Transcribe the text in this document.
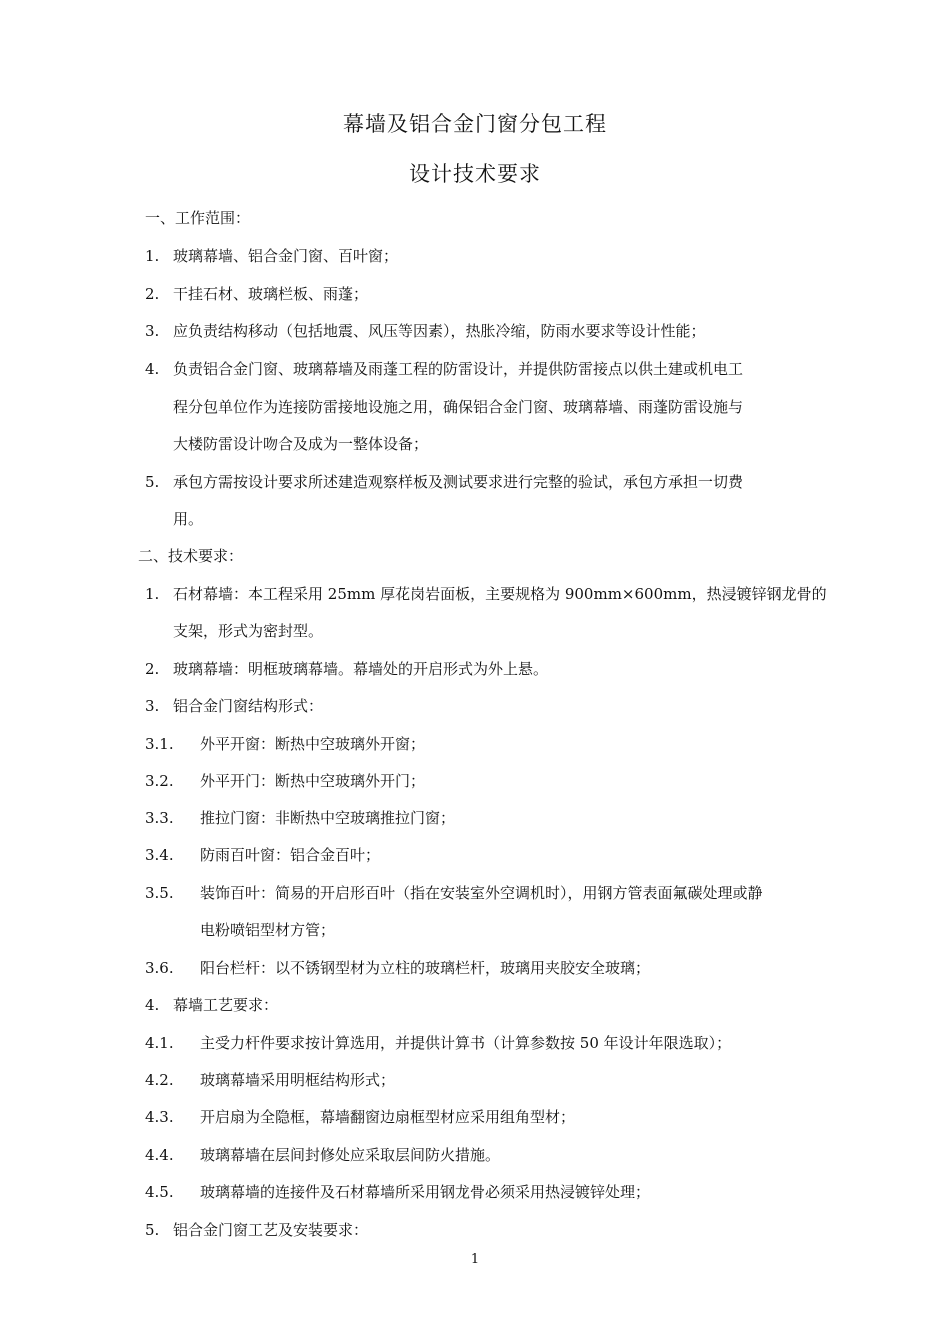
幕墙及铝合金门窗分包工程
设计技术要求
一、工作范围：
1. 玻璃幕墙、铝合金门窗、百叶窗；
2. 干挂石材、玻璃栏板、雨蓬；
3. 应负责结构移动（包括地震、风压等因素），热胀冷缩，防雨水要求等设计性能；
4. 负责铝合金门窗、玻璃幕墙及雨蓬工程的防雷设计，并提供防雷接点以供土建或机电工
程分包单位作为连接防雷接地设施之用，确保铝合金门窗、玻璃幕墙、雨蓬防雷设施与
大楼防雷设计吻合及成为一整体设备；
5. 承包方需按设计要求所述建造观察样板及测试要求进行完整的验试，承包方承担一切费
用。
二、技术要求：
1. 石材幕墙：本工程采用 25mm 厚花岗岩面板，主要规格为 900mm×600mm，热浸镀锌钢龙骨的
支架，形式为密封型。
2. 玻璃幕墙：明框玻璃幕墙。幕墙处的开启形式为外上悬。
3. 铝合金门窗结构形式：
3.1. 外平开窗：断热中空玻璃外开窗；
3.2. 外平开门：断热中空玻璃外开门；
3.3. 推拉门窗：非断热中空玻璃推拉门窗；
3.4. 防雨百叶窗：铝合金百叶；
3.5. 装饰百叶：简易的开启形百叶（指在安装室外空调机时），用钢方管表面氟碳处理或静
电粉喷铝型材方管；
3.6. 阳台栏杆：以不锈钢型材为立柱的玻璃栏杆，玻璃用夹胶安全玻璃；
4. 幕墙工艺要求：
4.1. 主受力杆件要求按计算选用，并提供计算书（计算参数按 50 年设计年限选取）；
4.2. 玻璃幕墙采用明框结构形式；
4.3. 开启扇为全隐框，幕墙翻窗边扇框型材应采用组角型材；
4.4. 玻璃幕墙在层间封修处应采取层间防火措施。
4.5. 玻璃幕墙的连接件及石材幕墙所采用钢龙骨必须采用热浸镀锌处理；
5. 铝合金门窗工艺及安装要求：
1
